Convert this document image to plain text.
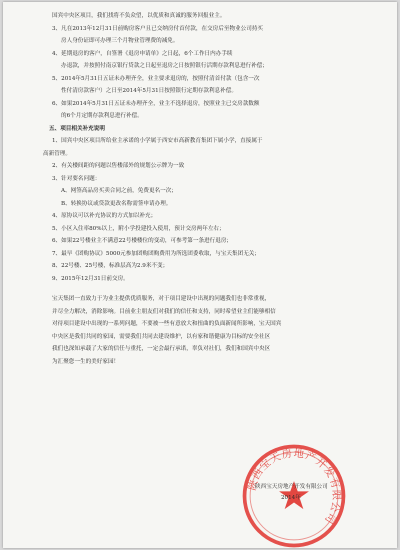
国宾中央区项目，我们找将不负众望，以优质和真诚的服务回报业主。
3、凡在2013年12月31日前购房客户且已交纳房付首付款，在交房后至物业公司持买
房人身份证即可办理三个月物业管理费的减免。
4、延期退房的客户，自签署《退房申请单》之日起，6个工作日内办手续
办退款，并按照付南京银行贷款之日起至退房之日按照银行活期存款利息进行补偿；
5、2014年5月31日五证未办理齐全，业主要求退房的，按照付清首付款（包含一次
性付清房款客户）之日至2014年5月31日按照银行定期存款利息补偿。
6、如果2014年5月31日五证未办理齐全，业主不选择退房，按照业主已交房款数额
的6个月定期存款利息进行补偿。
五、项目相关补充说明
1、国宾中央区项目所给业主承诺的小学属于西安市高新教育集团下属小学，直接属于
高新管理。
2、有关楼间距的问题以售楼部外的规划公示牌为一致
3、针对要名问题：
A、网签高品房买卖合同之前，免费更名一次；
B、转换协议或贷款更改名称需签申请办理。
4、原协议可以补充协议的方式加以补充；
5、小区入住率80%以上，附小学投建投入使用，预计交房两年左右；
6、如果22号楼业主不满意22号楼楼位的变动，可参考第一条进行退房；
7、最早《团购协议》5000元参加团购团购费用为所选团委收取，与宝天集团无关；
8、22号楼、25号楼，标准层高为2.9米不变；
9、2015年12月31日前交房。
宝天集团一直致力于为业主提供优质服务，对于项目建设中出现的问题我们也非常重视，
并尽全力解决，消除影响。目前业主朋友们对我们的信任和支持，同时希望业主们能够相信
对待项目建设中出现的一系列问题，不要被一些有意放大和扭曲的负面新闻所影响，宝天国宾
中央区是我们共同的家园，需要我们共同去建设维护，以有家和谐健康为目标的安全社区
我们也深知承载了大家的信任与重托，一定会最行承诺，辜负对社们，我们和国宾中央区
为汇聚您一生的美好家园！
陕西宝天房地产开发有限公司
陕西宝天房地产开发有限公司
2014年
